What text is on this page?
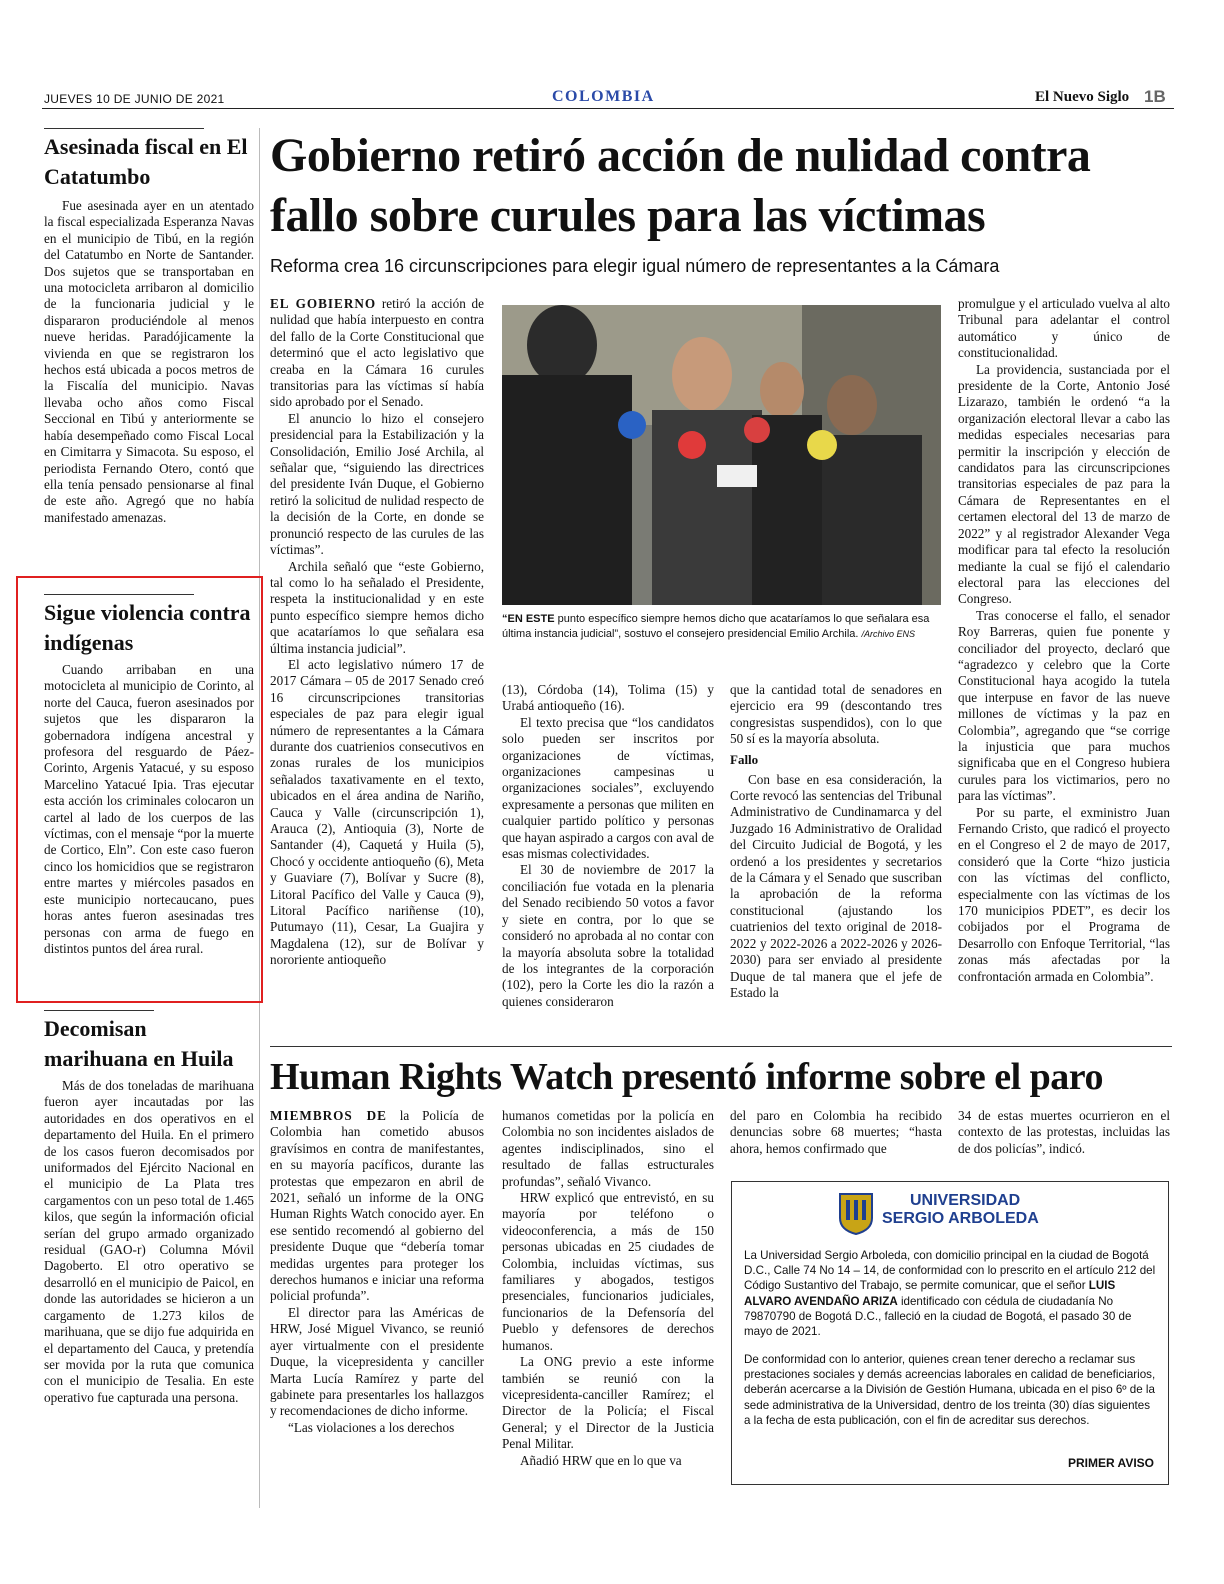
JUEVES 10 DE JUNIO DE 2021	COLOMBIA	El Nuevo Siglo 1B
Asesinada fiscal en El Catatumbo

Fue asesinada ayer en un atentado la fiscal especializada Esperanza Navas en el municipio de Tibú, en la región del Catatumbo en Norte de Santander. Dos sujetos que se transportaban en una motocicleta arribaron al domicilio de la funcionaria judicial y le dispararon produciéndole al menos nueve heridas. Paradójicamente la vivienda en que se registraron los hechos está ubicada a pocos metros de la Fiscalía del municipio. Navas llevaba ocho años como Fiscal Seccional en Tibú y anteriormente se había desempeñado como Fiscal Local en Cimitarra y Simacota. Su esposo, el periodista Fernando Otero, contó que ella tenía pensado pensionarse al final de este año. Agregó que no había manifestado amenazas.

Sigue violencia contra indígenas

Cuando arribaban en una motocicleta al municipio de Corinto, al norte del Cauca, fueron asesinados por sujetos que les dispararon la gobernadora indígena ancestral y profesora del resguardo de Páez-Corinto, Argenis Yatacué, y su esposo Marcelino Yatacué Ipia. Tras ejecutar esta acción los criminales colocaron un cartel al lado de los cuerpos de las víctimas, con el mensaje “por la muerte de Cortico, Eln”. Con este caso fueron cinco los homicidios que se registraron entre martes y miércoles pasados en este municipio nortecaucano, pues horas antes fueron asesinadas tres personas con arma de fuego en distintos puntos del área rural.

Decomisan marihuana en Huila

Más de dos toneladas de marihuana fueron ayer incautadas por las autoridades en dos operativos en el departamento del Huila. En el primero de los casos fueron decomisados por uniformados del Ejército Nacional en el municipio de La Plata tres cargamentos con un peso total de 1.465 kilos, que según la información oficial serían del grupo armado organizado residual (GAO-r) Columna Móvil Dagoberto. El otro operativo se desarrolló en el municipio de Paicol, en donde las autoridades se hicieron a un cargamento de 1.273 kilos de marihuana, que se dijo fue adquirida en el departamento del Cauca, y pretendía ser movida por la ruta que comunica con el municipio de Tesalia. En este operativo fue capturada una persona.

Gobierno retiró acción de nulidad contra fallo sobre curules para las víctimas
Reforma crea 16 circunscripciones para elegir igual número de representantes a la Cámara

EL GOBIERNO retiró la acción de nulidad que había interpuesto en contra del fallo de la Corte Constitucional que determinó que el acto legislativo que creaba en la Cámara 16 curules transitorias para las víctimas sí había sido aprobado por el Senado.

El anuncio lo hizo el consejero presidencial para la Estabilización y la Consolidación, Emilio José Archila, al señalar que, “siguiendo las directrices del presidente Iván Duque, el Gobierno retiró la solicitud de nulidad respecto de la decisión de la Corte, en donde se pronunció respecto de las curules de las víctimas”.

Archila señaló que “este Gobierno, tal como lo ha señalado el Presidente, respeta la institucionalidad y en este punto específico siempre hemos dicho que acataríamos lo que señalara esa última instancia judicial”.

El acto legislativo número 17 de 2017 Cámara – 05 de 2017 Senado creó 16 circunscripciones transitorias especiales de paz para elegir igual número de representantes a la Cámara durante dos cuatrienios consecutivos en zonas rurales de los municipios señalados taxativamente en el texto, ubicados en el área andina de Nariño, Cauca y Valle (circunscripción 1), Arauca (2), Antioquia (3), Norte de Santander (4), Caquetá y Huila (5), Chocó y occidente antioqueño (6), Meta y Guaviare (7), Bolívar y Sucre (8), Litoral Pacífico del Valle y Cauca (9), Litoral Pacífico nariñense (10), Putumayo (11), Cesar, La Guajira y Magdalena (12), sur de Bolívar y nororiente antioqueño

“EN ESTE punto específico siempre hemos dicho que acataríamos lo que señalara esa última instancia judicial”, sostuvo el consejero presidencial Emilio Archila. /Archivo ENS

(13), Córdoba (14), Tolima (15) y Urabá antioqueño (16).

El texto precisa que “los candidatos solo pueden ser inscritos por organizaciones de víctimas, organizaciones campesinas u organizaciones sociales”, excluyendo expresamente a personas que militen en cualquier partido político y personas que hayan aspirado a cargos con aval de esas mismas colectividades.

El 30 de noviembre de 2017 la conciliación fue votada en la plenaria del Senado recibiendo 50 votos a favor y siete en contra, por lo que se consideró no aprobada al no contar con la mayoría absoluta sobre la totalidad de los integrantes de la corporación (102), pero la Corte les dio la razón a quienes consideraron

que la cantidad total de senadores en ejercicio era 99 (descontando tres congresistas suspendidos), con lo que 50 sí es la mayoría absoluta.

Fallo

Con base en esa consideración, la Corte revocó las sentencias del Tribunal Administrativo de Cundinamarca y del Juzgado 16 Administrativo de Oralidad del Circuito Judicial de Bogotá, y les ordenó a los presidentes y secretarios de la Cámara y el Senado que suscriban la aprobación de la reforma constitucional (ajustando los cuatrienios del texto original de 2018-2022 y 2022-2026 a 2022-2026 y 2026-2030) para ser enviado al presidente Duque de tal manera que el jefe de Estado la

promulgue y el articulado vuelva al alto Tribunal para adelantar el control automático y único de constitucionalidad.

La providencia, sustanciada por el presidente de la Corte, Antonio José Lizarazo, también le ordenó “a la organización electoral llevar a cabo las medidas especiales necesarias para permitir la inscripción y elección de candidatos para las circunscripciones transitorias especiales de paz para la Cámara de Representantes en el certamen electoral del 13 de marzo de 2022” y al registrador Alexander Vega modificar para tal efecto la resolución mediante la cual se fijó el calendario electoral para las elecciones del Congreso.

Tras conocerse el fallo, el senador Roy Barreras, quien fue ponente y conciliador del proyecto, declaró que “agradezco y celebro que la Corte Constitucional haya acogido la tutela que interpuse en favor de las nueve millones de víctimas y la paz en Colombia”, agregando que “se corrige la injusticia que para muchos significaba que en el Congreso hubiera curules para los victimarios, pero no para las víctimas”.

Por su parte, el exministro Juan Fernando Cristo, que radicó el proyecto en el Congreso el 2 de mayo de 2017, consideró que la Corte “hizo justicia con las víctimas del conflicto, especialmente con las víctimas de los 170 municipios PDET”, es decir los cobijados por el Programa de Desarrollo con Enfoque Territorial, “las zonas más afectadas por la confrontación armada en Colombia”.

Human Rights Watch presentó informe sobre el paro

MIEMBROS DE la Policía de Colombia han cometido abusos gravísimos en contra de manifestantes, en su mayoría pacíficos, durante las protestas que empezaron en abril de 2021, señaló un informe de la ONG Human Rights Watch conocido ayer. En ese sentido recomendó al gobierno del presidente Duque que “debería tomar medidas urgentes para proteger los derechos humanos e iniciar una reforma policial profunda”.

El director para las Américas de HRW, José Miguel Vivanco, se reunió ayer virtualmente con el presidente Duque, la vicepresidenta y canciller Marta Lucía Ramírez y parte del gabinete para presentarles los hallazgos y recomendaciones de dicho informe.

“Las violaciones a los derechos

humanos cometidas por la policía en Colombia no son incidentes aislados de agentes indisciplinados, sino el resultado de fallas estructurales profundas”, señaló Vivanco.

HRW explicó que entrevistó, en su mayoría por teléfono o videoconferencia, a más de 150 personas ubicadas en 25 ciudades de Colombia, incluidas víctimas, sus familiares y abogados, testigos presenciales, funcionarios judiciales, funcionarios de la Defensoría del Pueblo y defensores de derechos humanos.

La ONG previo a este informe también se reunió con la vicepresidenta-canciller Ramírez; el Director de la Policía; el Fiscal General; y el Director de la Justicia Penal Militar.

Añadió HRW que en lo que va

del paro en Colombia ha recibido denuncias sobre 68 muertes; “hasta ahora, hemos confirmado que

34 de estas muertes ocurrieron en el contexto de las protestas, incluidas las de dos policías”, indicó.

UNIVERSIDAD
SERGIO ARBOLEDA
La Universidad Sergio Arboleda, con domicilio principal en la ciudad de Bogotá D.C., Calle 74 No 14 – 14, de conformidad con lo prescrito en el artículo 212 del Código Sustantivo del Trabajo, se permite comunicar, que el señor LUIS ALVARO AVENDAÑO ARIZA identificado con cédula de ciudadanía No 79870790 de Bogotá D.C., falleció en la ciudad de Bogotá, el pasado 30 de mayo de 2021.
De conformidad con lo anterior, quienes crean tener derecho a reclamar sus prestaciones sociales y demás acreencias laborales en calidad de beneficiarios, deberán acercarse a la División de Gestión Humana, ubicada en el piso 6º de la sede administrativa de la Universidad, dentro de los treinta (30) días siguientes a la fecha de esta publicación, con el fin de acreditar sus derechos.
PRIMER AVISO
